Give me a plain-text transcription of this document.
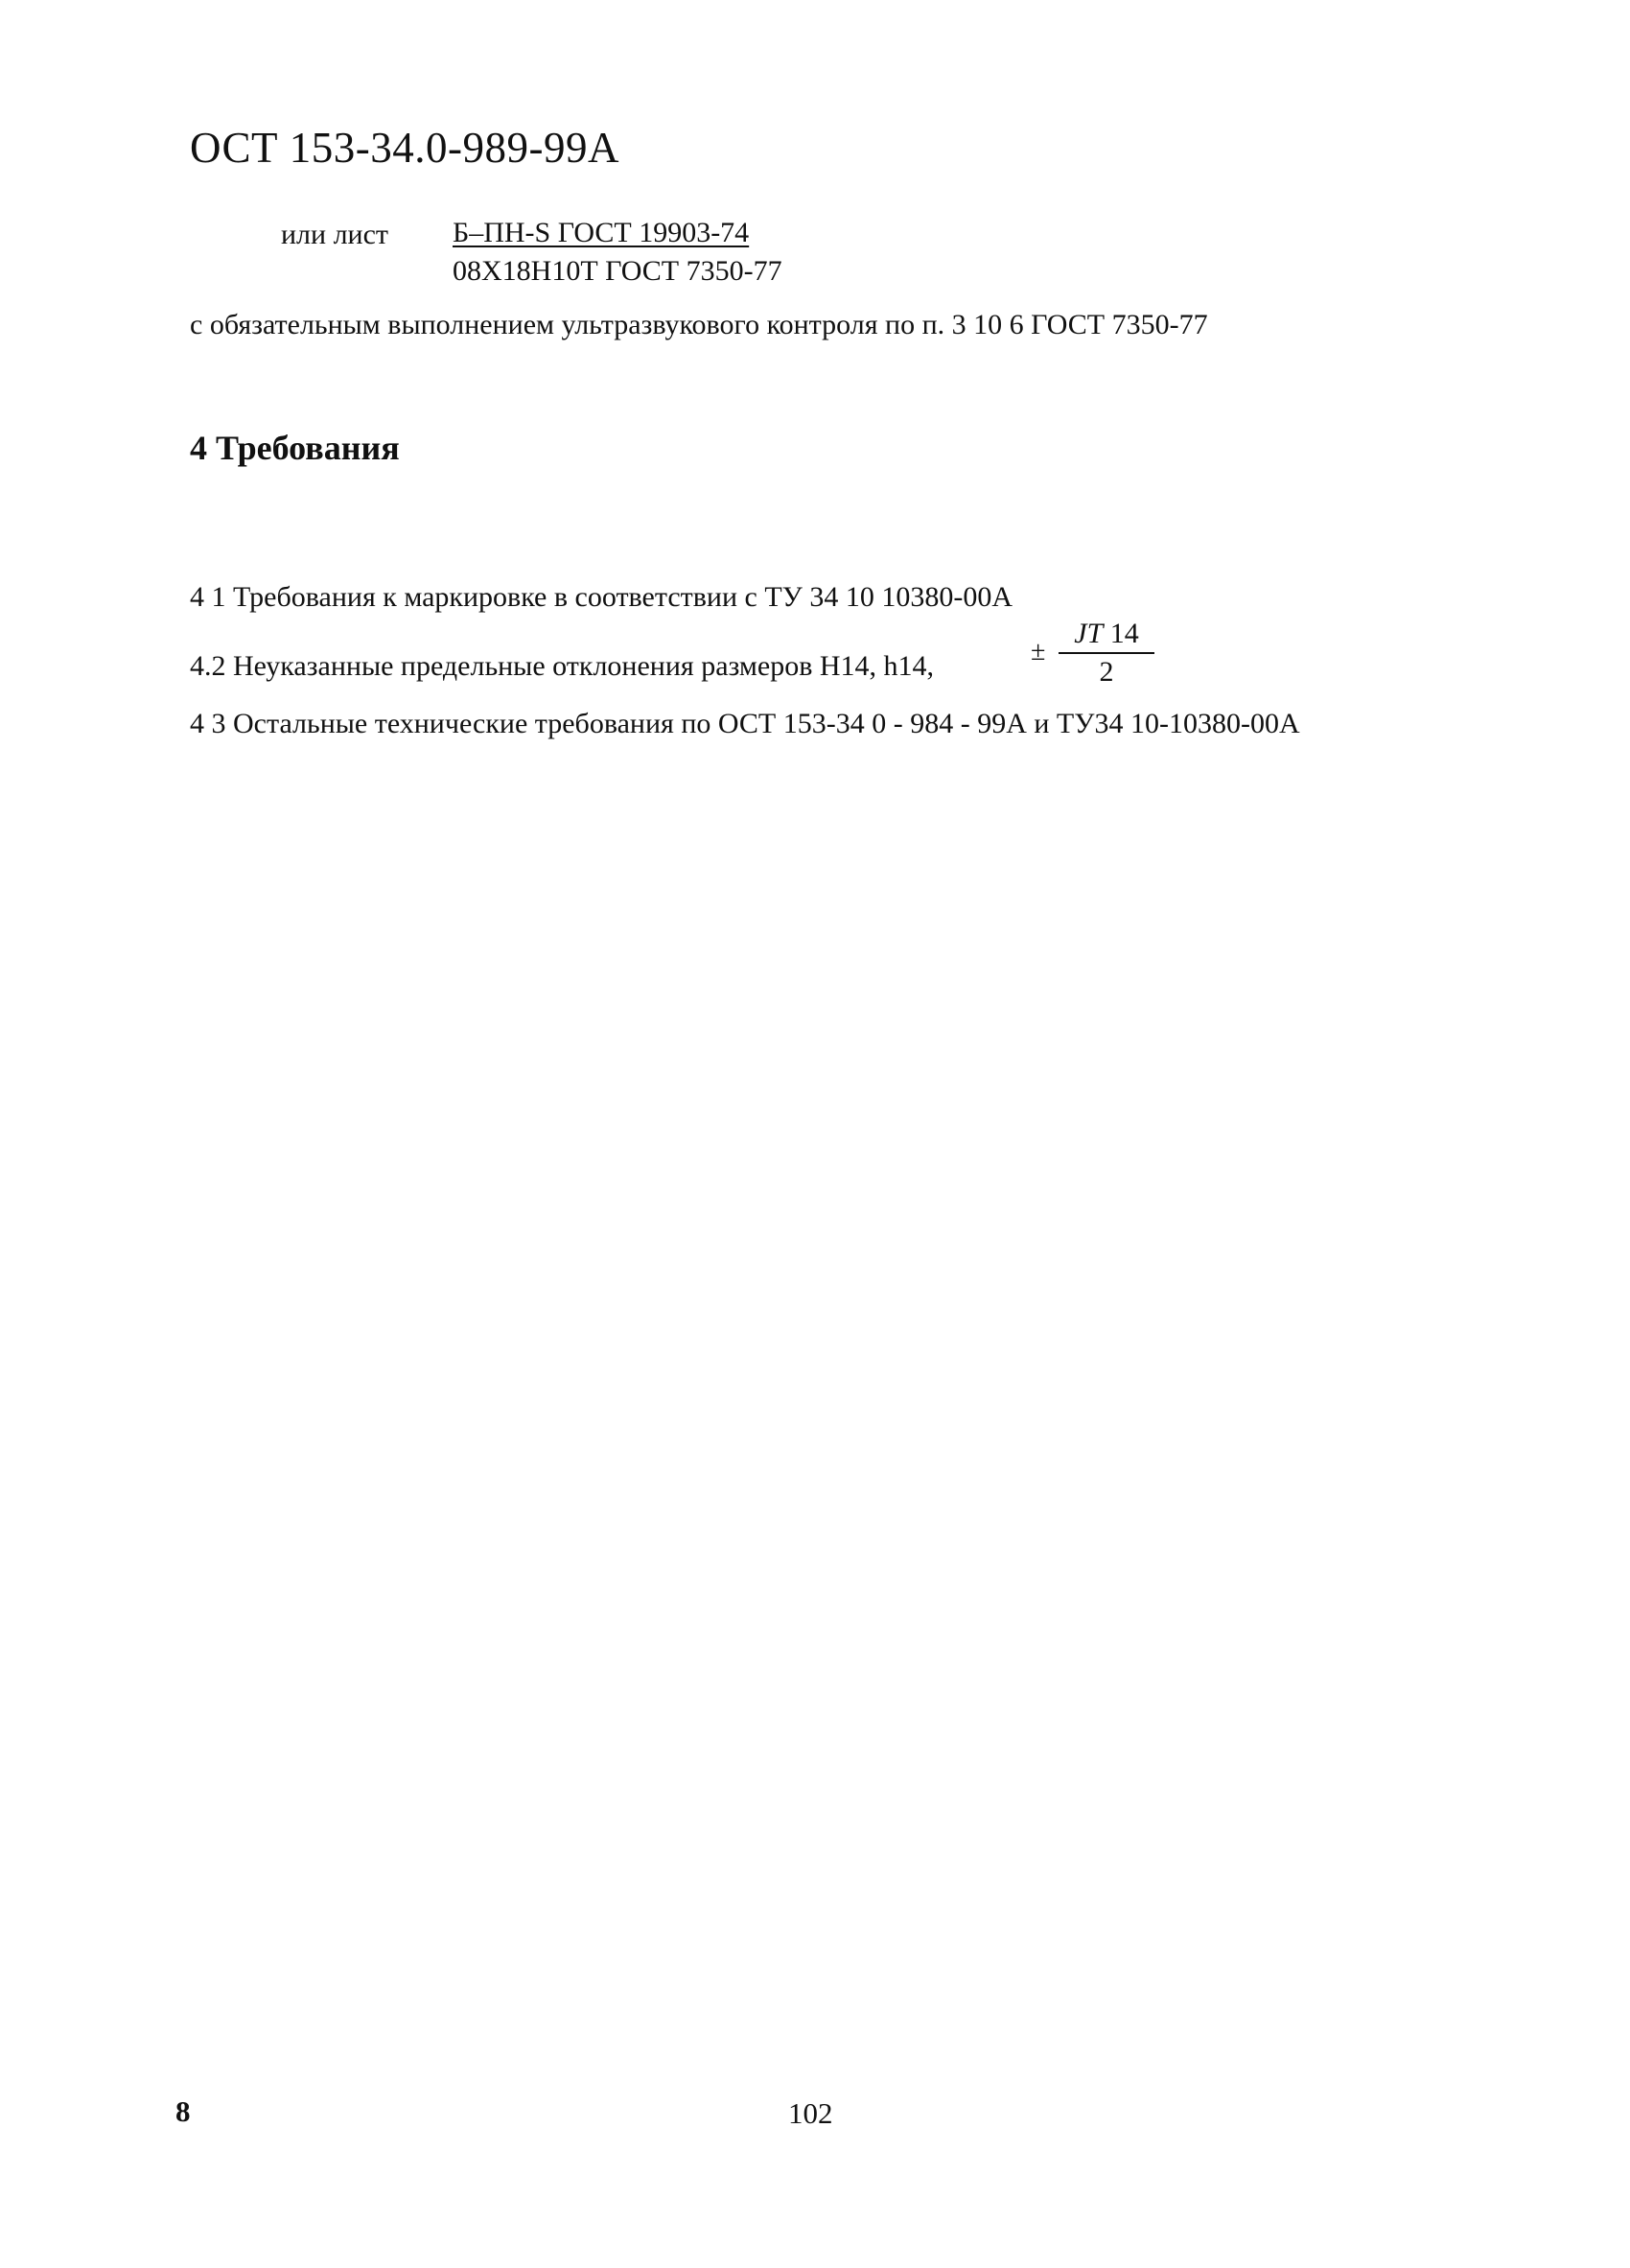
ОСТ 153-34.0-989-99А
или лист Б–ПН-S ГОСТ 19903-74
08Х18Н10Т ГОСТ 7350-77
с обязательным выполнением ультразвукового контроля по п. 3 10 6 ГОСТ 7350-77
4 Требования
4 1 Требования к маркировке в соответствии с ТУ 34 10 10380-00А
4.2 Неуказанные предельные отклонения размеров Н14, h14,	±
JT 14
2
4 3 Остальные технические требования по ОСТ 153-34 0 - 984 - 99А и ТУ34 10-10380-00А
8	102
